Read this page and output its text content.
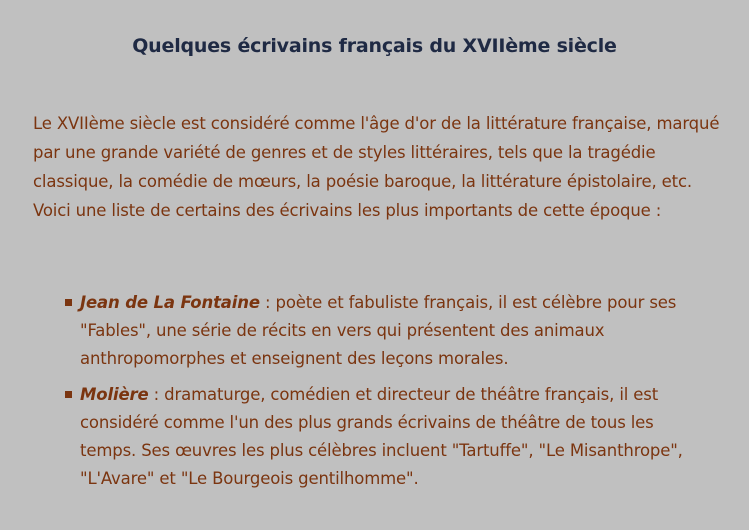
Quelques écrivains français du XVIIème siècle
Le XVIIème siècle est considéré comme l'âge d'or de la littérature française, marqué par une grande variété de genres et de styles littéraires, tels que la tragédie classique, la comédie de mœurs, la poésie baroque, la littérature épistolaire, etc. Voici une liste de certains des écrivains les plus importants de cette époque :
Jean de La Fontaine : poète et fabuliste français, il est célèbre pour ses "Fables", une série de récits en vers qui présentent des animaux anthropomorphes et enseignent des leçons morales.
Molière : dramaturge, comédien et directeur de théâtre français, il est considéré comme l'un des plus grands écrivains de théâtre de tous les temps. Ses œuvres les plus célèbres incluent "Tartuffe", "Le Misanthrope", "L'Avare" et "Le Bourgeois gentilhomme".
